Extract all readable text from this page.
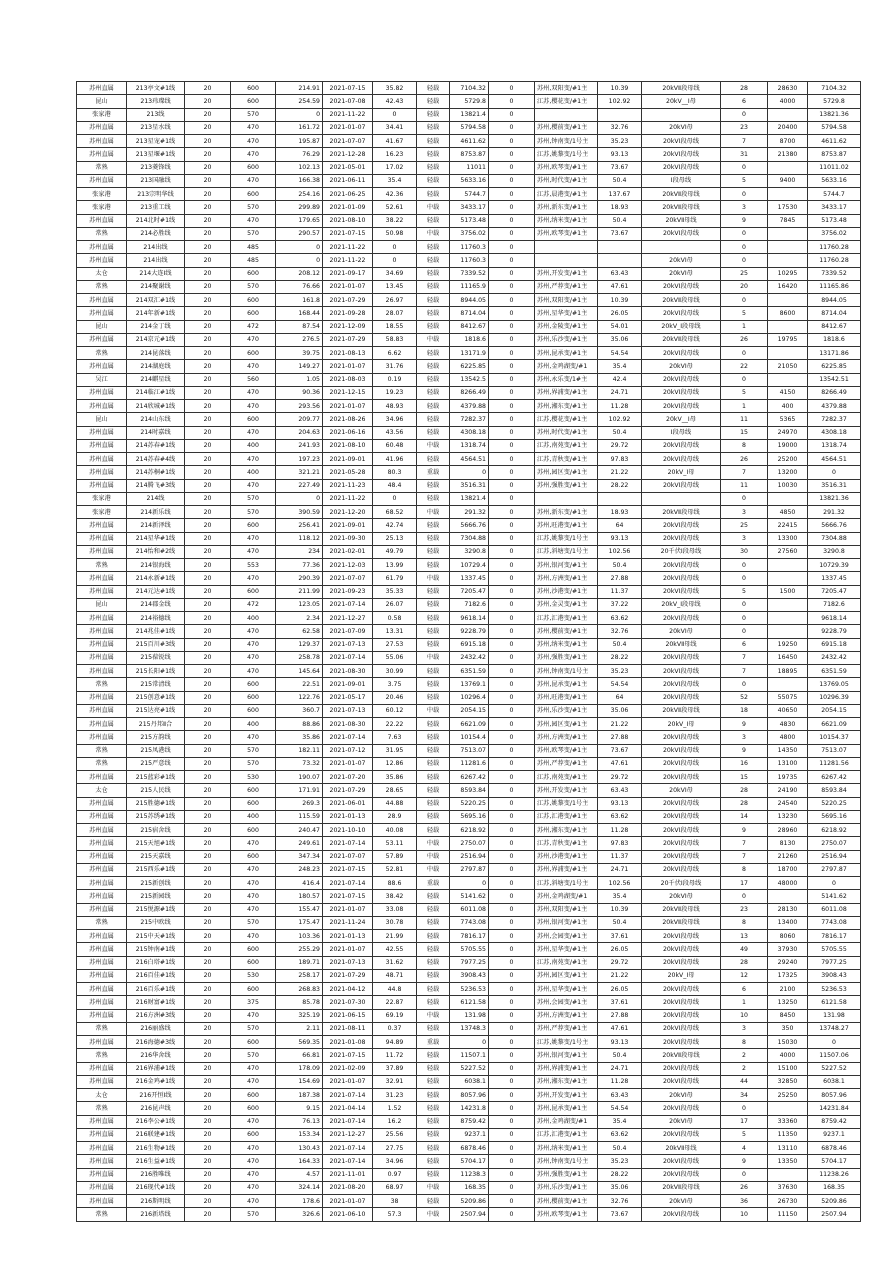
苏州直属	213亭文#1线	20	600	214.91	2021-07-15	35.82	轻载	7104.32	0	苏州,双阳变/#1主	10.39	20kVⅡ段母线	28	28630	7104.32
昆山	213玮璨线	20	600	254.59	2021-07-08	42.43	轻载	5729.8	0	江苏,樱花变/#1主	102.92	20kV__Ⅰ母	6	4000	5729.8
张家港	213线	20	570	0	2021-11-22	0	轻载	13821.4	0				0		13821.36
苏州直属	213星水线	20	470	161.72	2021-01-07	34.41	轻载	5794.58	0	苏州,樱前变/#1主	32.76	20kVⅠ母	23	20400	5794.58
苏州直属	213星宠#1线	20	470	195.87	2021-07-07	41.67	轻载	4611.62	0	苏州,钟南变/1号主	35.23	20kVⅠ段母线	7	8700	4611.62
苏州直属	213星堰#1线	20	470	76.29	2021-12-28	16.23	轻载	8753.87	0	江苏,姚黎变/1号主	93.13	20kVⅠ段母线	31	21380	8753.87
常熟	213菱锋线	20	600	102.13	2021-05-01	17.02	轻载	11011	0	苏州,欧琴变/#1主	73.67	20kVⅠ段母线	0		11011.02
苏州直属	213国融线	20	470	166.38	2021-06-11	35.4	轻载	5633.16	0	苏州,时代变/#1主	50.4	Ⅰ段母线	5	9400	5633.16
张家港	213宗明华线	20	600	254.16	2021-06-25	42.36	轻载	5744.7	0	江苏,晨港变/#1主	137.67	20kVⅡ段母线	0		5744.7
张家港	213重工线	20	570	299.89	2021-01-09	52.61	中载	3433.17	0	苏州,新东变/#1主	18.93	20kVⅡ段母线	3	17530	3433.17
苏州直属	214北时#1线	20	470	179.65	2021-08-10	38.22	轻载	5173.48	0	苏州,纳米变/#1主	50.4	20kVⅡ母线	9	7845	5173.48
常熟	214必胜线	20	570	290.57	2021-07-15	50.98	中载	3756.02	0	苏州,欧琴变/#1主	73.67	20kVⅠ段母线	0		3756.02
苏州直属	214出线	20	485	0	2021-11-22	0	轻载	11760.3	0				0		11760.28
苏州直属	214出线	20	485	0	2021-11-22	0	轻载	11760.3	0			20kVⅠ母	0		11760.28
太仓	214大连Ⅰ线	20	600	208.12	2021-09-17	34.69	轻载	7339.52	0	苏州,开发变/#1主	63.43	20kVⅠ母	25	10295	7339.52
常熟	214聚谢线	20	570	76.66	2021-01-07	13.45	轻载	11165.9	0	苏州,严荐变/#1主	47.61	20kVⅠ段母线	20	16420	11165.86
苏州直属	214双汇#1线	20	600	161.8	2021-07-29	26.97	轻载	8944.05	0	苏州,双阳变/#1主	10.39	20kVⅡ段母线	0		8944.05
苏州直属	214年新#1线	20	600	168.44	2021-09-28	28.07	轻载	8714.04	0	苏州,星华变/#1主	26.05	20kVⅠ段母线	5	8600	8714.04
昆山	214金丁线	20	472	87.54	2021-12-09	18.55	轻载	8412.67	0	苏州,金陵变/#1主	54.01	20kV_Ⅰ段母线	1		8412.67
苏州直属	214京元#1线	20	470	276.5	2021-07-29	58.83	中载	1818.6	0	苏州,乐沙变/#1主	35.06	20kVⅡ段母线	26	19795	1818.6
常熟	214昆落线	20	600	39.75	2021-08-13	6.62	轻载	13171.9	0	苏州,昆承变/#1主	54.54	20kVⅠ段母线	0		13171.86
苏州直属	214湖庭线	20	470	149.27	2021-01-07	31.76	轻载	6225.85	0	苏州,金鸡湖变/#1	35.4	20kVⅠ母	22	21050	6225.85
吴江	214麒星线	20	560	1.05	2021-08-03	0.19	轻载	13542.5	0	苏州,永乐变/1#主	42.4	20kVⅠ段母线	0		13542.51
苏州直属	214临江#1线	20	470	90.36	2021-12-15	19.23	轻载	8266.49	0	苏州,界浦变/#1主	24.71	20kVⅠ段母线	5	4150	8266.49
苏州直属	214欣城#1线	20	470	293.56	2021-01-07	48.93	轻载	4379.88	0	苏州,湘东变/#1主	11.28	20kVⅠ段母线	1	400	4379.88
昆山	214山东线	20	600	209.77	2021-08-26	34.96	轻载	7282.37	0	江苏,樱花变/#1主	102.92	20kV__Ⅰ母	11	5365	7282.37
苏州直属	214时嘉线	20	470	204.63	2021-06-16	43.56	轻载	4308.18	0	苏州,时代变/#1主	50.4	Ⅰ段母线	15	24970	4308.18
苏州直属	214苏春#1线	20	400	241.93	2021-08-10	60.48	中载	1318.74	0	江苏,南苑变/#1主	29.72	20kVⅠ段母线	8	19000	1318.74
苏州直属	214苏春#4线	20	470	197.23	2021-09-01	41.96	轻载	4564.51	0	江苏,青秋变/#1主	97.83	20kVⅠ段母线	26	25200	4564.51
苏州直属	214苏桐#1线	20	400	321.21	2021-05-28	80.3	重载	0	0	苏州,园区变/#1主	21.22	20kV_Ⅰ母	7	13200	0
苏州直属	214腾飞#3线	20	470	227.49	2021-11-23	48.4	轻载	3516.31	0	苏州,强胜变/#1主	28.22	20kVⅠ段母线	11	10030	3516.31
张家港	214线	20	570	0	2021-11-22	0	轻载	13821.4	0				0		13821.36
张家港	214新乐线	20	570	390.59	2021-12-20	68.52	中载	291.32	0	苏州,新东变/#1主	18.93	20kVⅡ段母线	3	4850	291.32
苏州直属	214新泽线	20	600	256.41	2021-09-01	42.74	轻载	5666.76	0	苏州,旺港变/#1主	64	20kVⅠ段母线	25	22415	5666.76
苏州直属	214星华#1线	20	470	118.12	2021-09-30	25.13	轻载	7304.88	0	江苏,姚黎变/1号主	93.13	20kVⅠ段母线	3	13300	7304.88
苏州直属	214怡和#2线	20	470	234	2021-02-01	49.79	轻载	3290.8	0	江苏,斜塘变/1号主	102.56	20千伏Ⅰ段母线	30	27560	3290.8
常熟	214银海线	20	553	77.36	2021-12-03	13.99	轻载	10729.4	0	苏州,银河变/#1主	50.4	20kVⅠ段母线	0		10729.39
苏州直属	214永新#1线	20	470	290.39	2021-07-07	61.79	中载	1337.45	0	苏州,方洲变/#1主	27.88	20kVⅠ段母线	0		1337.45
苏州直属	214元达#1线	20	600	211.99	2021-09-23	35.33	轻载	7205.47	0	苏州,沙港变/#1主	11.37	20kVⅠ段母线	5	1500	7205.47
昆山	214郡金线	20	472	123.05	2021-07-14	26.07	轻载	7182.6	0	苏州,金灵变/#1主	37.22	20kV_Ⅰ段母线	0		7182.6
苏州直属	214裕德线	20	400	2.34	2021-12-27	0.58	轻载	9618.14	0	江苏,汇港变/#1主	63.62	20kVⅠ段母线	0		9618.14
苏州直属	214兆佳#1线	20	470	62.58	2021-07-09	13.31	轻载	9228.79	0	苏州,樱前变/#1主	32.76	20kVⅠ母	0		9228.79
苏州直属	215百川#3线	20	470	129.37	2021-07-13	27.53	轻载	6915.18	0	苏州,纳米变/#1主	50.4	20kVⅡ母线	6	19250	6915.18
苏州直属	215葆锐线	20	470	258.78	2021-07-14	55.06	中载	2432.42	0	苏州,强胜变/#1主	28.22	20kVⅠ段母线	7	16450	2432.42
苏州直属	215长阳#1线	20	470	145.64	2021-08-30	30.99	轻载	6351.59	0	苏州,钟南变/1号主	35.23	20kVⅠ段母线	7	18895	6351.59
常熟	215常清线	20	600	22.51	2021-09-01	3.75	轻载	13769.1	0	苏州,昆承变/#1主	54.54	20kVⅠ段母线	0		13769.05
苏州直属	215创意#1线	20	600	122.76	2021-05-17	20.46	轻载	10296.4	0	苏州,旺港变/#1主	64	20kVⅠ段母线	52	55075	10296.39
苏州直属	215达亮#1线	20	600	360.7	2021-07-13	60.12	中载	2054.15	0	苏州,乐沙变/#1主	35.06	20kVⅡ段母线	18	40650	2054.15
苏州直属	215丹邦Ⅱ合	20	400	88.86	2021-08-30	22.22	轻载	6621.09	0	苏州,园区变/#1主	21.22	20kV_Ⅰ母	9	4830	6621.09
苏州直属	215方韵线	20	470	35.86	2021-07-14	7.63	轻载	10154.4	0	苏州,方洲变/#1主	27.88	20kVⅠ段母线	3	4800	10154.37
常熟	215凤港线	20	570	182.11	2021-07-12	31.95	轻载	7513.07	0	苏州,欧琴变/#1主	73.67	20kVⅠ段母线	9	14350	7513.07
常熟	215严意线	20	570	73.32	2021-01-07	12.86	轻载	11281.6	0	苏州,严荐变/#1主	47.61	20kVⅠ段母线	16	13100	11281.56
苏州直属	215蓝彩#1线	20	530	190.07	2021-07-20	35.86	轻载	6267.42	0	江苏,南苑变/#1主	29.72	20kVⅠ段母线	15	19735	6267.42
太仓	215人民线	20	600	171.91	2021-07-29	28.65	轻载	8593.84	0	苏州,开发变/#1主	63.43	20kVⅠ母	28	24190	8593.84
苏州直属	215胜德#1线	20	600	269.3	2021-06-01	44.88	轻载	5220.25	0	江苏,姚黎变/1号主	93.13	20kVⅠ段母线	28	24540	5220.25
苏州直属	215苏绣#1线	20	400	115.59	2021-01-13	28.9	轻载	5695.16	0	江苏,汇港变/#1主	63.62	20kVⅠ段母线	14	13230	5695.16
苏州直属	215宿舍线	20	600	240.47	2021-10-10	40.08	轻载	6218.92	0	苏州,湘东变/#1主	11.28	20kVⅠ段母线	9	28960	6218.92
苏州直属	215天旭#1线	20	470	249.61	2021-07-14	53.11	中载	2750.07	0	江苏,青秋变/#1主	97.83	20kVⅠ段母线	7	8130	2750.07
苏州直属	215天嘉线	20	600	347.34	2021-07-07	57.89	中载	2516.94	0	苏州,沙港变/#1主	11.37	20kVⅠ段母线	7	21260	2516.94
苏州直属	215西乐#1线	20	470	248.23	2021-07-15	52.81	中载	2797.87	0	苏州,界浦变/#1主	24.71	20kVⅠ段母线	8	18700	2797.87
苏州直属	215新创线	20	470	416.4	2021-07-14	88.6	重载	0	0	江苏,斜塘变/1号主	102.56	20千伏Ⅰ段母线	17	48000	0
苏州直属	215新园线	20	470	180.57	2021-07-15	38.42	轻载	5141.62	0	苏州,金鸡湖变/#1	35.4	20kVⅠ母	0		5141.62
苏州直属	215悦源#1线	20	470	155.47	2021-01-07	33.08	轻载	6011.08	0	苏州,双阳变/#1主	10.39	20kVⅡ段母线	23	28130	6011.08
常熟	215中欧线	20	570	175.47	2021-11-24	30.78	轻载	7743.08	0	苏州,银河变/#1主	50.4	20kVⅡ段母线	8	13400	7743.08
苏州直属	215中天#1线	20	470	103.36	2021-01-13	21.99	轻载	7816.17	0	苏州,会园变/#1主	37.61	20kVⅠ段母线	13	8060	7816.17
苏州直属	215钟南#1线	20	600	255.29	2021-01-07	42.55	轻载	5705.55	0	苏州,星华变/#1主	26.05	20kVⅠ段母线	49	37930	5705.55
苏州直属	216白塔#1线	20	600	189.71	2021-07-13	31.62	轻载	7977.25	0	江苏,南苑变/#1主	29.72	20kVⅠ段母线	28	29240	7977.25
苏州直属	216百佳#1线	20	530	258.17	2021-07-29	48.71	轻载	3908.43	0	苏州,园区变/#1主	21.22	20kV_Ⅰ母	12	17325	3908.43
苏州直属	216百乐#1线	20	600	268.83	2021-04-12	44.8	轻载	5236.53	0	苏州,星华变/#1主	26.05	20kVⅠ段母线	6	2100	5236.53
苏州直属	216财富#1线	20	375	85.78	2021-07-30	22.87	轻载	6121.58	0	苏州,会园变/#1主	37.61	20kVⅠ段母线	1	13250	6121.58
苏州直属	216方洲#3线	20	470	325.19	2021-06-15	69.19	中载	131.98	0	苏州,方洲变/#1主	27.88	20kVⅠ段母线	10	8450	131.98
常熟	216丽盛线	20	570	2.11	2021-08-11	0.37	轻载	13748.3	0	苏州,严荐变/#1主	47.61	20kVⅠ段母线	3	350	13748.27
苏州直属	216海德#3线	20	600	569.35	2021-01-08	94.89	重载	0	0	江苏,姚黎变/1号主	93.13	20kVⅠ段母线	8	15030	0
常熟	216华舍线	20	570	66.81	2021-07-15	11.72	轻载	11507.1	0	苏州,银河变/#1主	50.4	20kVⅡ段母线	2	4000	11507.06
苏州直属	216界浦#1线	20	470	178.09	2021-02-09	37.89	轻载	5227.52	0	苏州,界浦变/#1主	24.71	20kVⅠ段母线	2	15100	5227.52
苏州直属	216金鸡#1线	20	470	154.69	2021-01-07	32.91	轻载	6038.1	0	苏州,湘东变/#1主	11.28	20kVⅠ段母线	44	32850	6038.1
太仓	216开恒Ⅰ线	20	600	187.38	2021-07-14	31.23	轻载	8057.96	0	苏州,开发变/#1主	63.43	20kVⅠ母	34	25250	8057.96
常熟	216昆声线	20	600	9.15	2021-04-14	1.52	轻载	14231.8	0	苏州,昆承变/#1主	54.54	20kVⅠ段母线	0		14231.84
苏州直属	216李公#1线	20	470	76.13	2021-07-14	16.2	轻载	8759.42	0	苏州,金鸡湖变/#1	35.4	20kVⅠ母	17	33360	8759.42
苏州直属	216联建#1线	20	600	153.34	2021-12-27	25.56	轻载	9237.1	0	江苏,汇港变/#1主	63.62	20kVⅠ段母线	5	11350	9237.1
苏州直属	216生物#1线	20	470	130.43	2021-07-14	27.75	轻载	6878.46	0	苏州,纳米变/#1主	50.4	20kVⅡ母线	4	13110	6878.46
苏州直属	216生益#1线	20	470	164.33	2021-07-14	34.96	轻载	5704.17	0	苏州,钟南变/1号主	35.23	20kVⅠ段母线	9	13350	5704.17
苏州直属	216胜唯线	20	470	4.57	2021-11-01	0.97	轻载	11238.3	0	苏州,强胜变/#1主	28.22	20kVⅠ段母线	0		11238.26
苏州直属	216现代#1线	20	470	324.14	2021-08-20	68.97	中载	168.35	0	苏州,乐沙变/#1主	35.06	20kVⅡ段母线	26	37630	168.35
苏州直属	216斯明线	20	470	178.6	2021-01-07	38	轻载	5209.86	0	苏州,樱前变/#1主	32.76	20kVⅠ母	36	26730	5209.86
常熟	216新塔线	20	570	326.6	2021-06-10	57.3	中载	2507.94	0	苏州,欧琴变/#1主	73.67	20kVⅠ段母线	10	11150	2507.94
